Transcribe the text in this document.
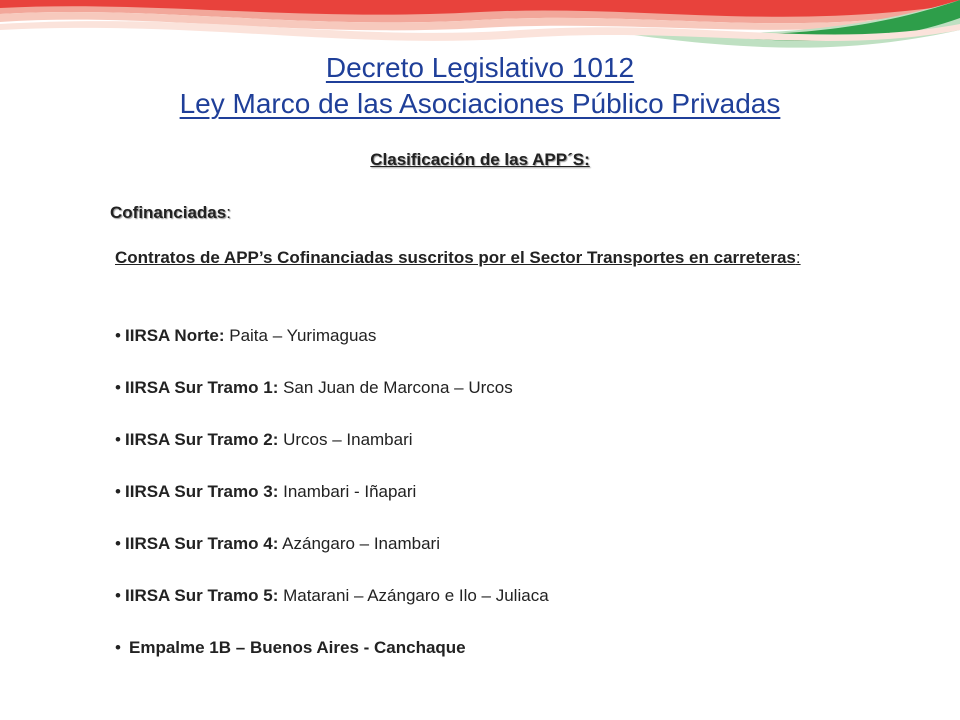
Decreto Legislativo 1012
Ley Marco de las Asociaciones Público Privadas
Clasificación de las APP´S:
Cofinanciadas:
Contratos de APP’s Cofinanciadas suscritos por el Sector Transportes en carreteras:
• IIRSA Norte: Paita – Yurimaguas
• IIRSA Sur Tramo 1: San Juan de Marcona – Urcos
• IIRSA Sur Tramo 2: Urcos – Inambari
• IIRSA Sur Tramo 3: Inambari - Iñapari
• IIRSA Sur Tramo 4: Azángaro – Inambari
• IIRSA Sur Tramo 5: Matarani – Azángaro e Ilo – Juliaca
• Empalme 1B – Buenos Aires - Canchaque
